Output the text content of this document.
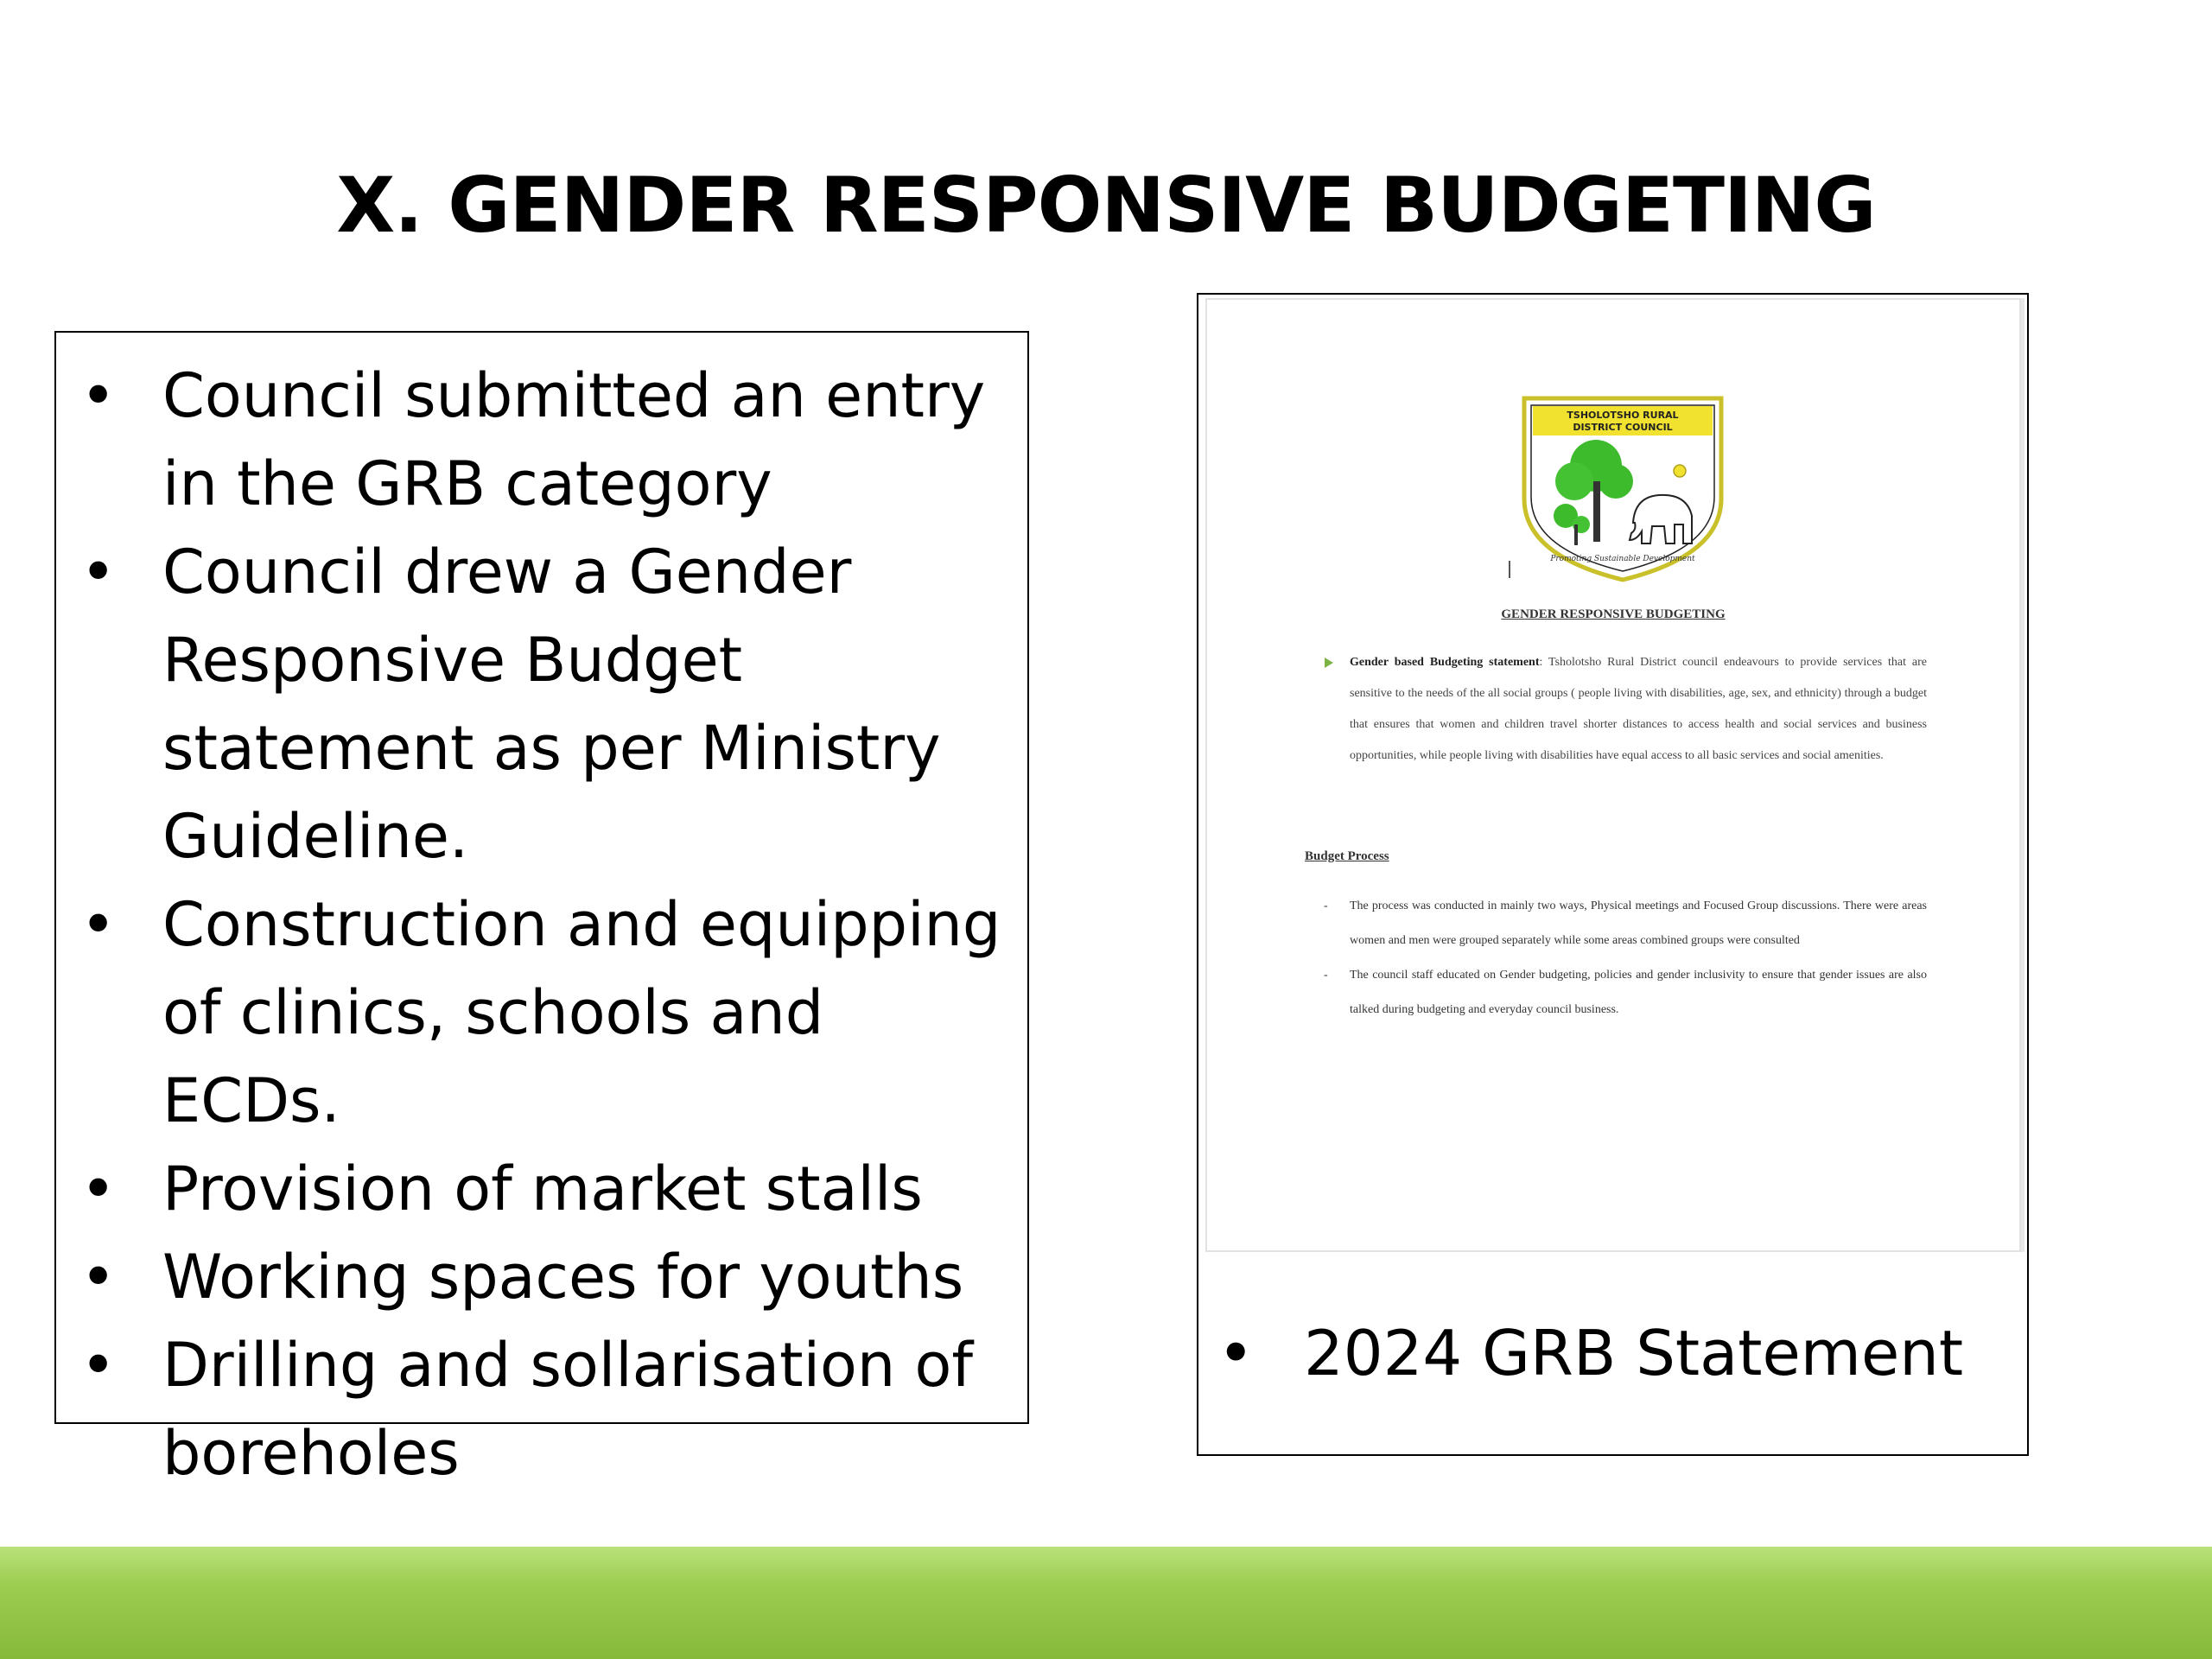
X. GENDER RESPONSIVE BUDGETING
• Council submitted an entry in the GRB category
• Council drew a Gender Responsive Budget statement as per Ministry Guideline.
• Construction and equipping of clinics, schools and ECDs.
• Provision of market stalls
• Working spaces for youths
• Drilling and sollarisation of boreholes
TSHOLOTSHO RURAL
DISTRICT COUNCIL
Promoting Sustainable Development
GENDER RESPONSIVE BUDGETING
Gender based Budgeting statement: Tsholotsho Rural District council endeavours to provide services that are sensitive to the needs of the all social groups ( people living with disabilities, age, sex, and ethnicity) through a budget that ensures that women and children travel shorter distances to access health and social services and business opportunities, while people living with disabilities have equal access to all basic services and social amenities.
Budget Process
- The process was conducted in mainly two ways, Physical meetings and Focused Group discussions. There were areas women and men were grouped separately while some areas combined groups were consulted
- The council staff educated on Gender budgeting, policies and gender inclusivity to ensure that gender issues are also talked during budgeting and everyday council business.
• 2024 GRB Statement
